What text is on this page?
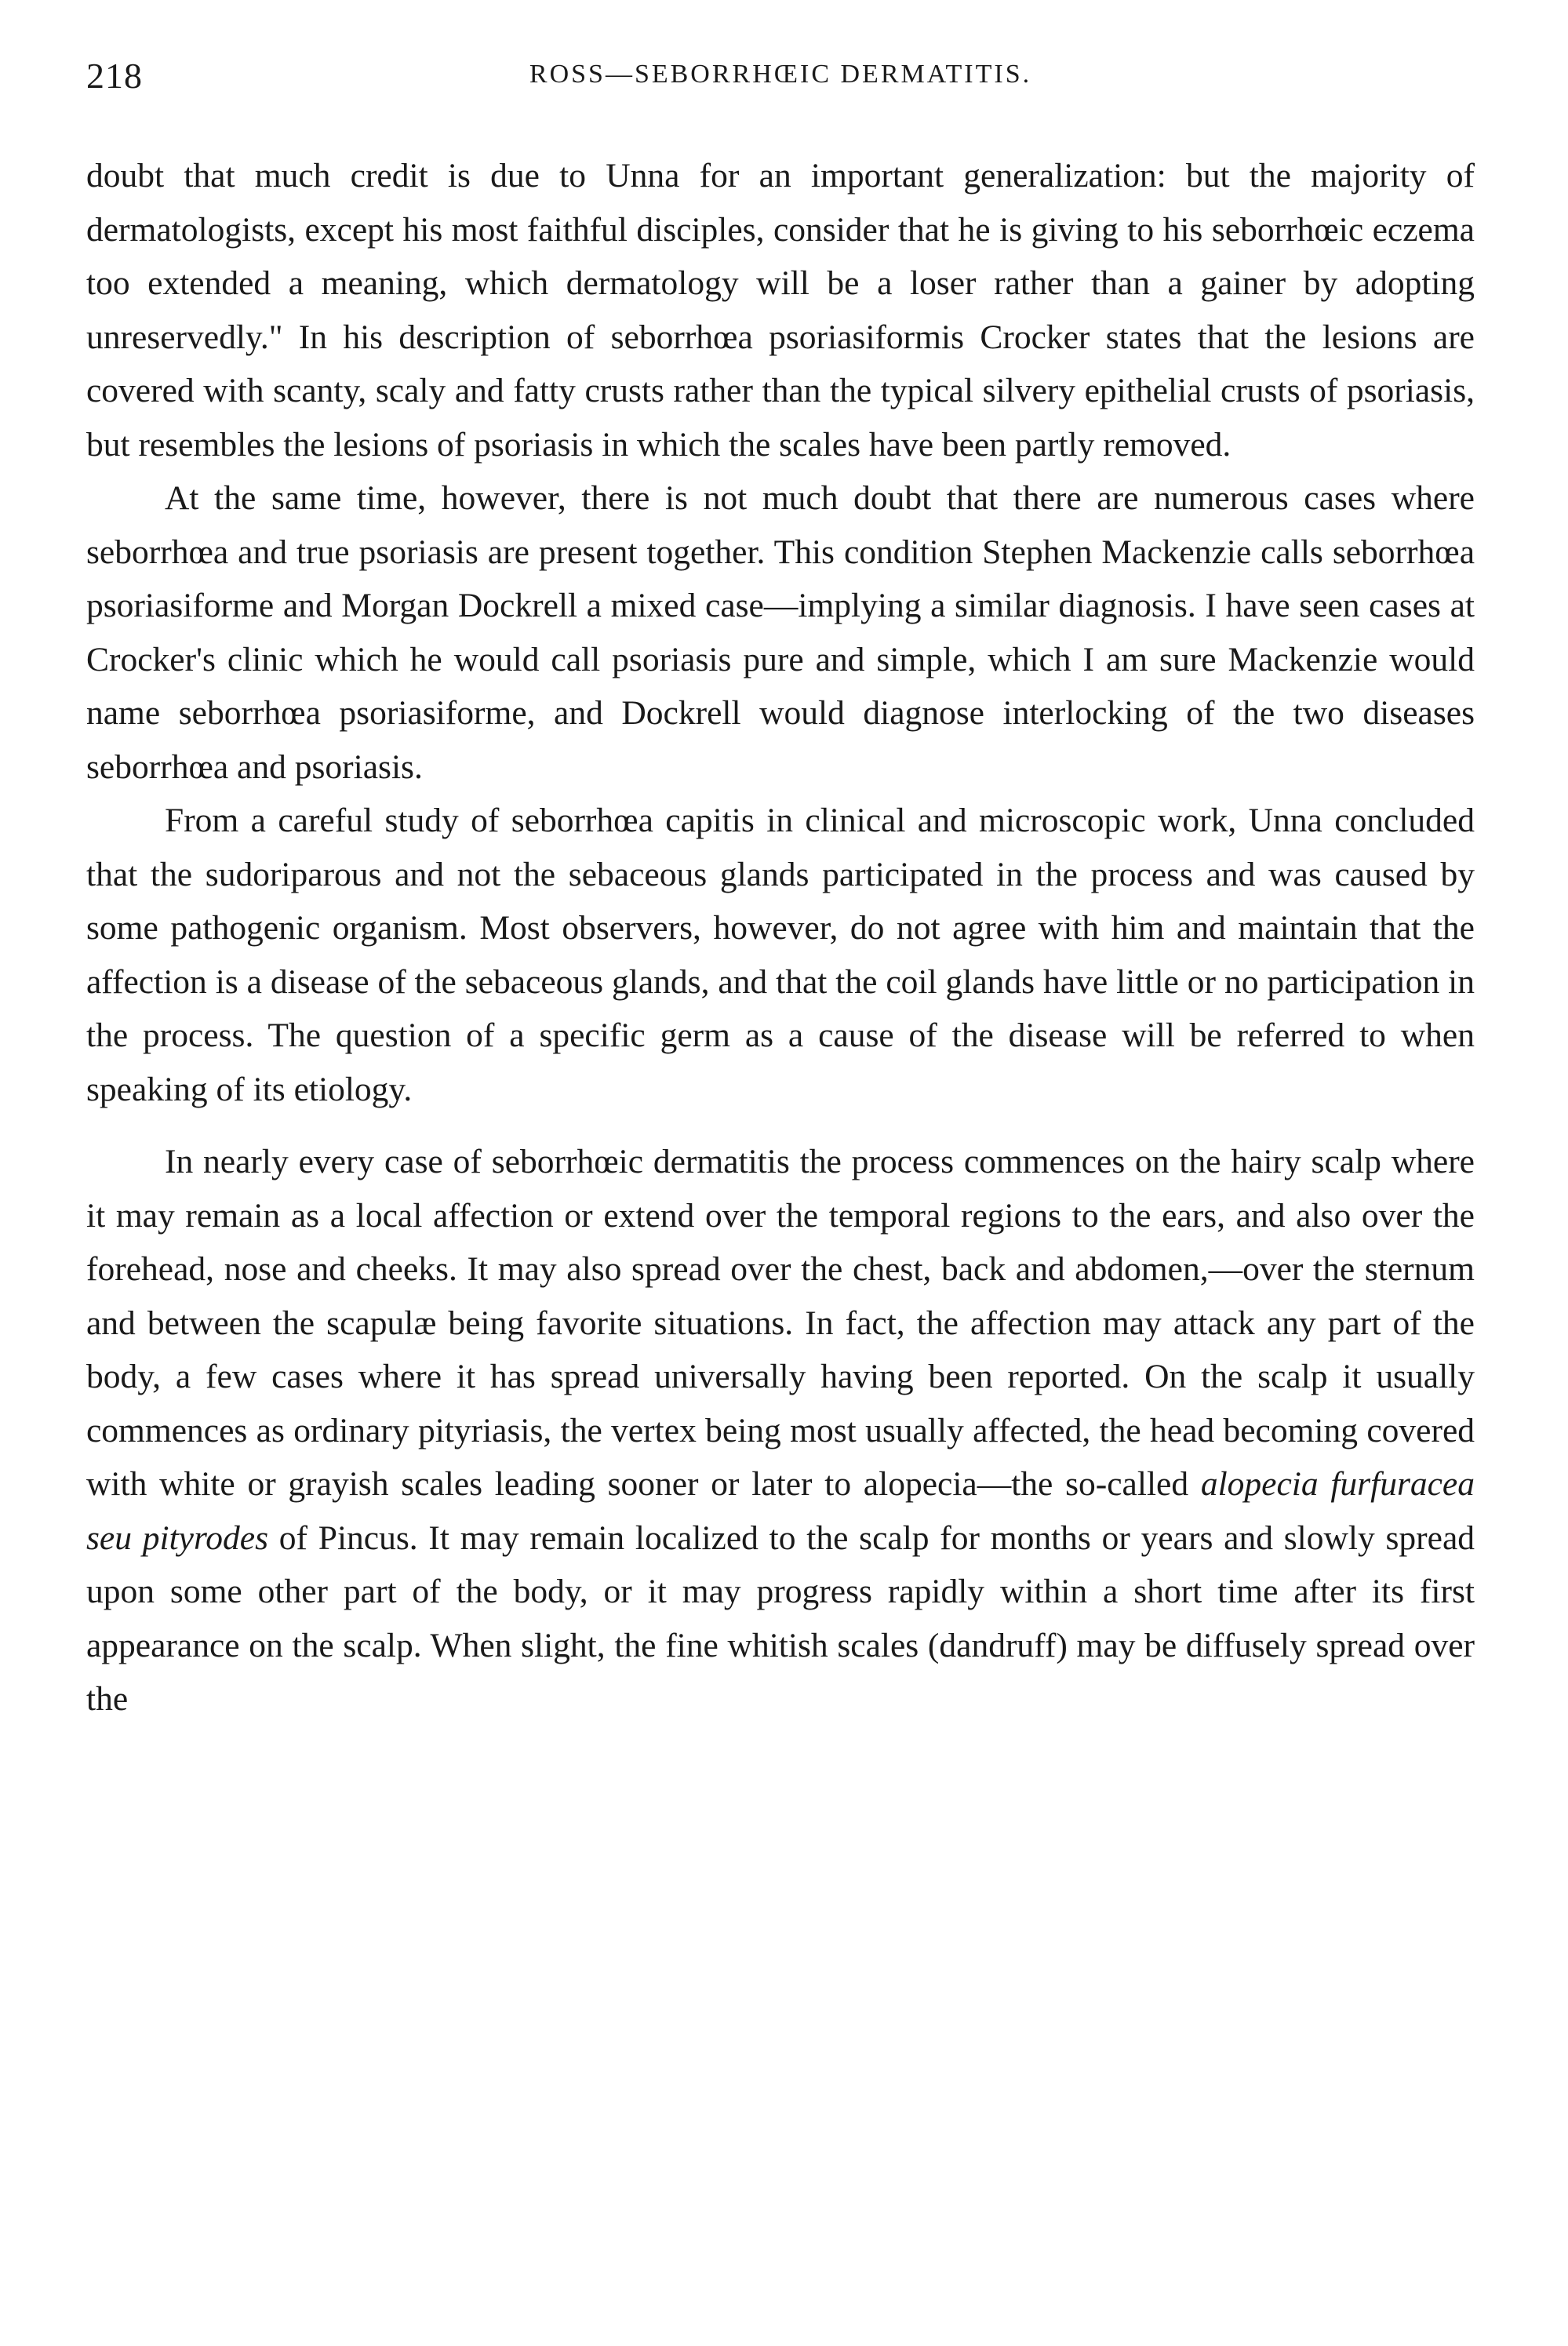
218	ROSS—SEBORRHŒIC DERMATITIS.

doubt that much credit is due to Unna for an important generalization: but the majority of dermatologists, except his most faithful disciples, consider that he is giving to his seborrhœic eczema too extended a meaning, which dermatology will be a loser rather than a gainer by adopting unreservedly." In his description of seborrhœa psoriasiformis Crocker states that the lesions are covered with scanty, scaly and fatty crusts rather than the typical silvery epithelial crusts of psoriasis, but resembles the lesions of psoriasis in which the scales have been partly removed.

At the same time, however, there is not much doubt that there are numerous cases where seborrhœa and true psoriasis are present together. This condition Stephen Mackenzie calls seborrhœa psoriasiforme and Morgan Dockrell a mixed case—implying a similar diagnosis. I have seen cases at Crocker's clinic which he would call psoriasis pure and simple, which I am sure Mackenzie would name seborrhœa psoriasiforme, and Dockrell would diagnose interlocking of the two diseases seborrhœa and psoriasis.

From a careful study of seborrhœa capitis in clinical and microscopic work, Unna concluded that the sudoriparous and not the sebaceous glands participated in the process and was caused by some pathogenic organism. Most observers, however, do not agree with him and maintain that the affection is a disease of the sebaceous glands, and that the coil glands have little or no participation in the process. The question of a specific germ as a cause of the disease will be referred to when speaking of its etiology.

In nearly every case of seborrhœic dermatitis the process commences on the hairy scalp where it may remain as a local affection or extend over the temporal regions to the ears, and also over the forehead, nose and cheeks. It may also spread over the chest, back and abdomen,—over the sternum and between the scapulæ being favorite situations. In fact, the affection may attack any part of the body, a few cases where it has spread universally having been reported. On the scalp it usually commences as ordinary pityriasis, the vertex being most usually affected, the head becoming covered with white or grayish scales leading sooner or later to alopecia—the so-called alopecia furfuracea seu pityrodes of Pincus. It may remain localized to the scalp for months or years and slowly spread upon some other part of the body, or it may progress rapidly within a short time after its first appearance on the scalp. When slight, the fine whitish scales (dandruff) may be diffusely spread over the
